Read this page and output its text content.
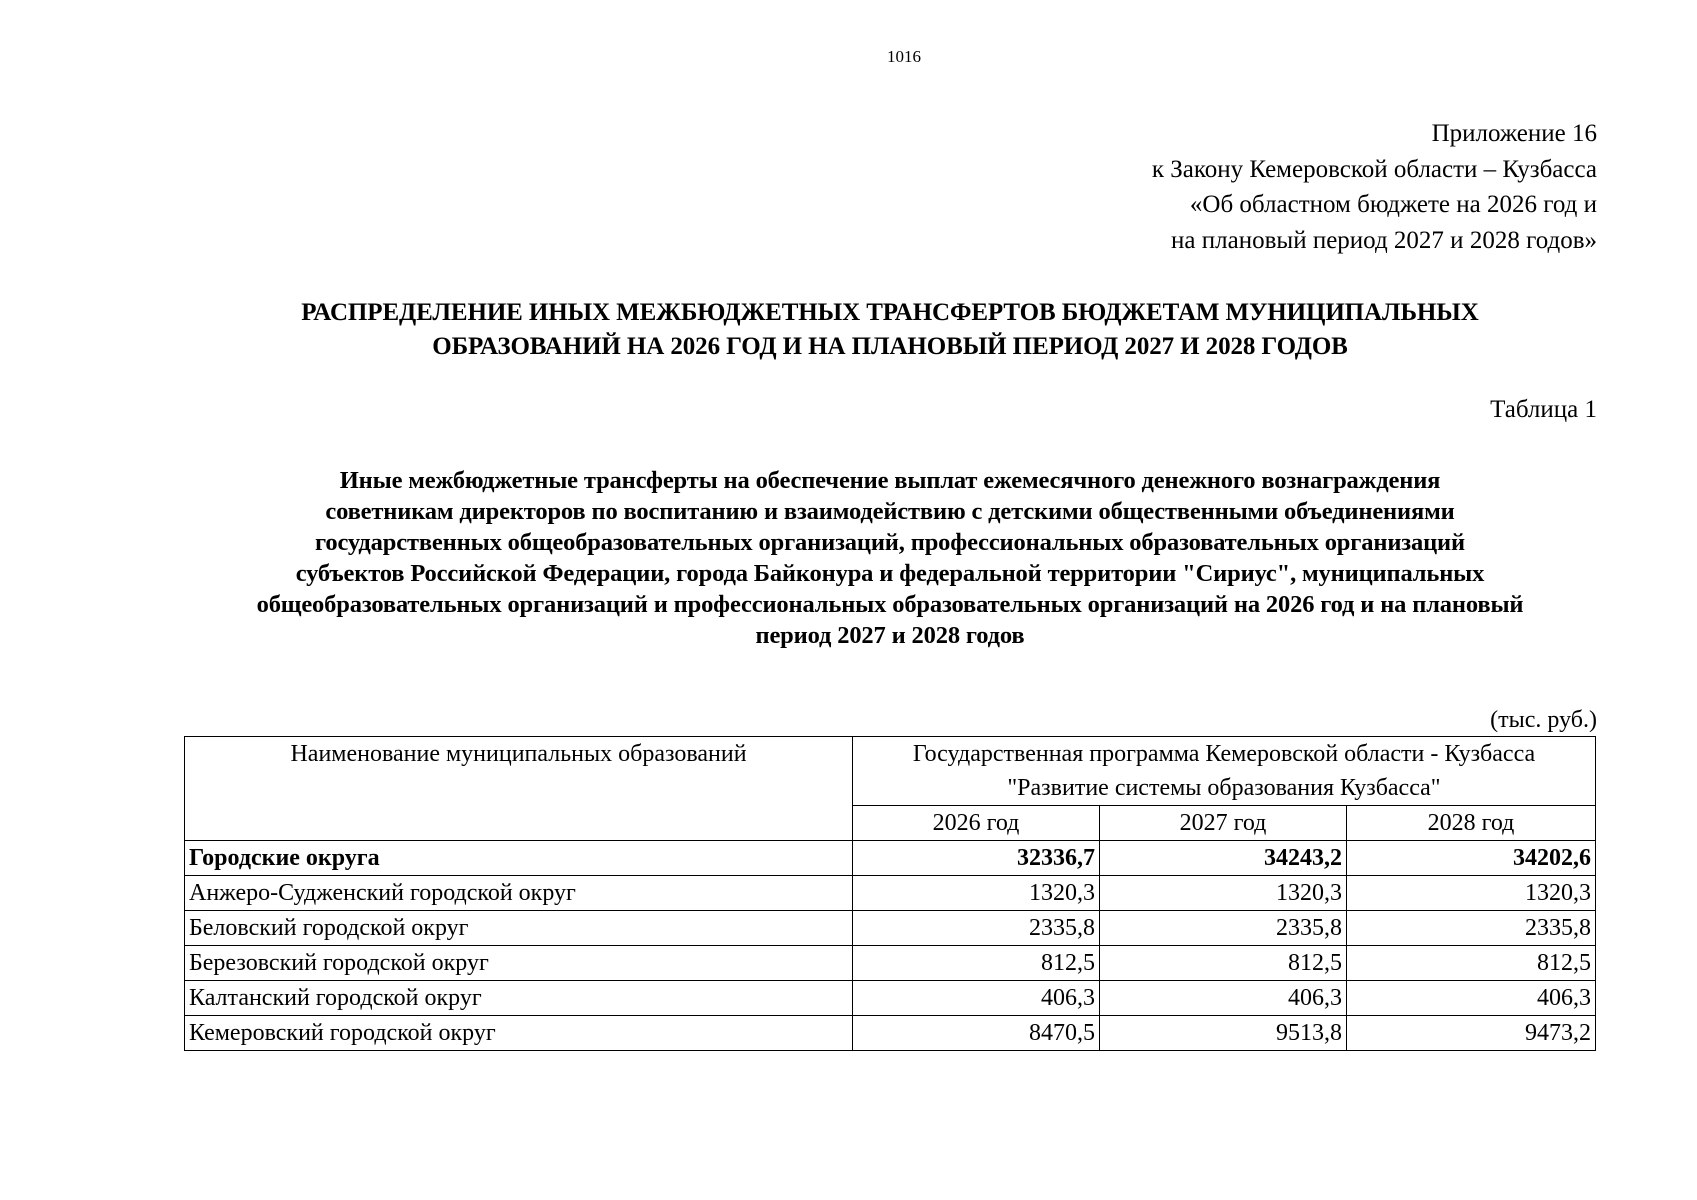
1016
Приложение 16
к Закону Кемеровской области – Кузбасса
«Об областном бюджете на 2026 год и
на плановый период 2027 и 2028 годов»
РАСПРЕДЕЛЕНИЕ ИНЫХ МЕЖБЮДЖЕТНЫХ ТРАНСФЕРТОВ БЮДЖЕТАМ МУНИЦИПАЛЬНЫХ
ОБРАЗОВАНИЙ НА 2026 ГОД И НА ПЛАНОВЫЙ ПЕРИОД 2027 И 2028 ГОДОВ
Таблица 1
Иные межбюджетные трансферты на обеспечение выплат ежемесячного денежного вознаграждения
советникам директоров по воспитанию и взаимодействию с детскими общественными объединениями
государственных общеобразовательных организаций, профессиональных образовательных организаций
субъектов Российской Федерации, города Байконура и федеральной территории "Сириус", муниципальных
общеобразовательных организаций и профессиональных образовательных организаций на 2026 год и на плановый
период 2027 и 2028 годов
(тыс. руб.)
Наименование муниципальных образований	Государственная программа Кемеровской области - Кузбасса
"Развитие системы образования Кузбасса"		

	2026 год	2027 год	2028 год
Городские округа	32336,7	34243,2	34202,6
Анжеро-Судженский городской округ	1320,3	1320,3	1320,3
Беловский городской округ	2335,8	2335,8	2335,8
Березовский городской округ	812,5	812,5	812,5
Калтанский городской округ	406,3	406,3	406,3
Кемеровский городской округ	8470,5	9513,8	9473,2
